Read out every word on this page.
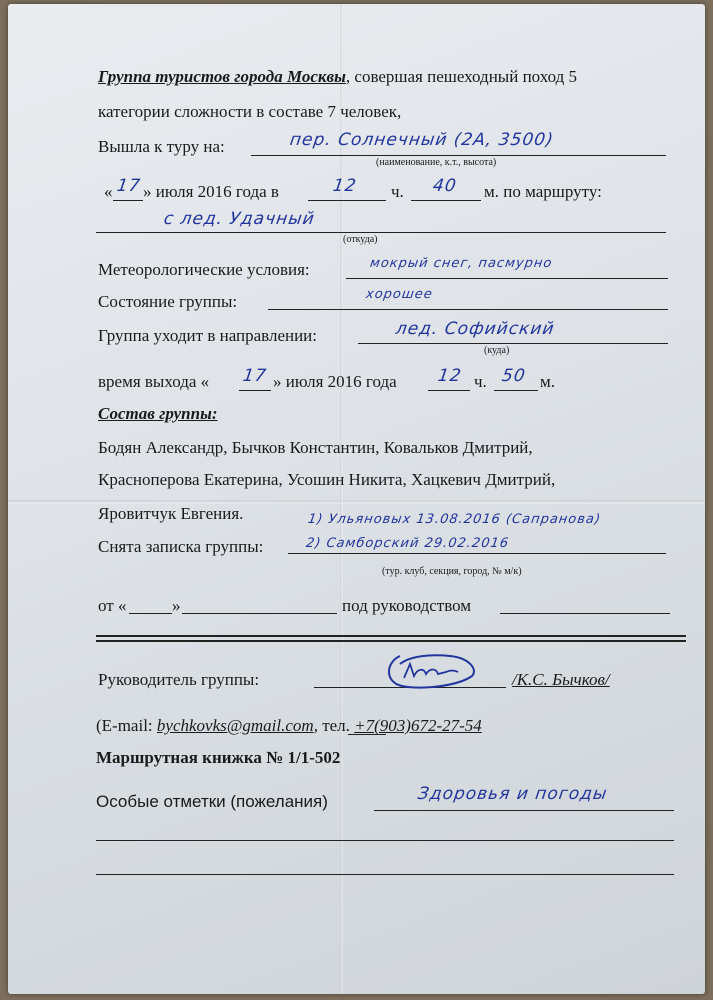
Группа туристов города Москвы, совершая пешеходный поход 5
категории сложности в составе 7 человек,
Вышла к туру на:	пер. Солнечный (2А, 3500)
(наименование, к.т., высота)
« 17 » июля 2016 года в	12 ч. 40 м. по маршруту:
с лед. Удачный
(откуда)
Метеорологические условия:	мокрый снег, пасмурно
Состояние группы:	хорошее
Группа уходит в направлении:	лед. Софийский
(куда)
время выхода « 17 » июля 2016 года 12 ч. 50 м.
Состав группы:
Бодян Александр, Бычков Константин, Ковальков Дмитрий,
Красноперова Екатерина, Усошин Никита, Хацкевич Дмитрий,
Яровитчук Евгения.
Снята записка группы:
1) Ульяновых 13.08.2016 (Сапранова)
2) Самборский 29.02.2016
(тур. клуб, секция, город, № м/к)
от «	»	под руководством
Руководитель группы:	/К.С. Бычков/
(E-mail: bychkovks@gmail.com, тел. +7(903)672-27-54
Маршрутная книжка № 1/1-502
Особые отметки (пожелания)	Здоровья и погоды
